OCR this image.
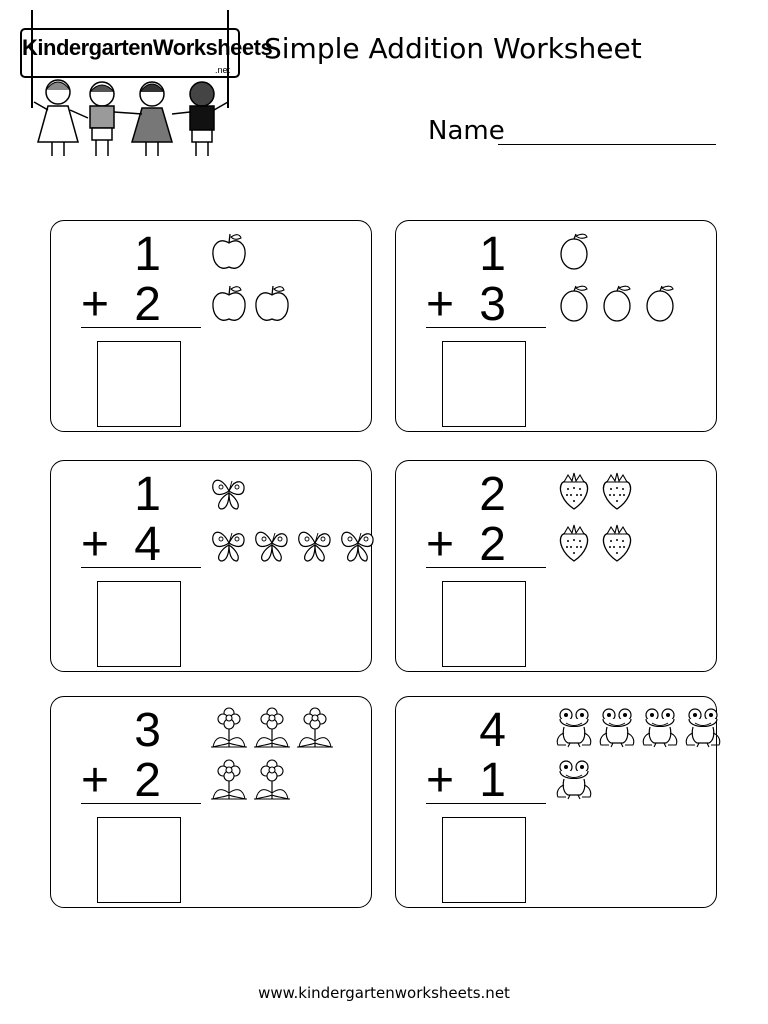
KindergartenWorksheets
.net
Simple Addition Worksheet
Name
1
+ 2
1
+ 3
1
+ 4
2
+ 2
3
+ 2
4
+ 1
www.kindergartenworksheets.net
